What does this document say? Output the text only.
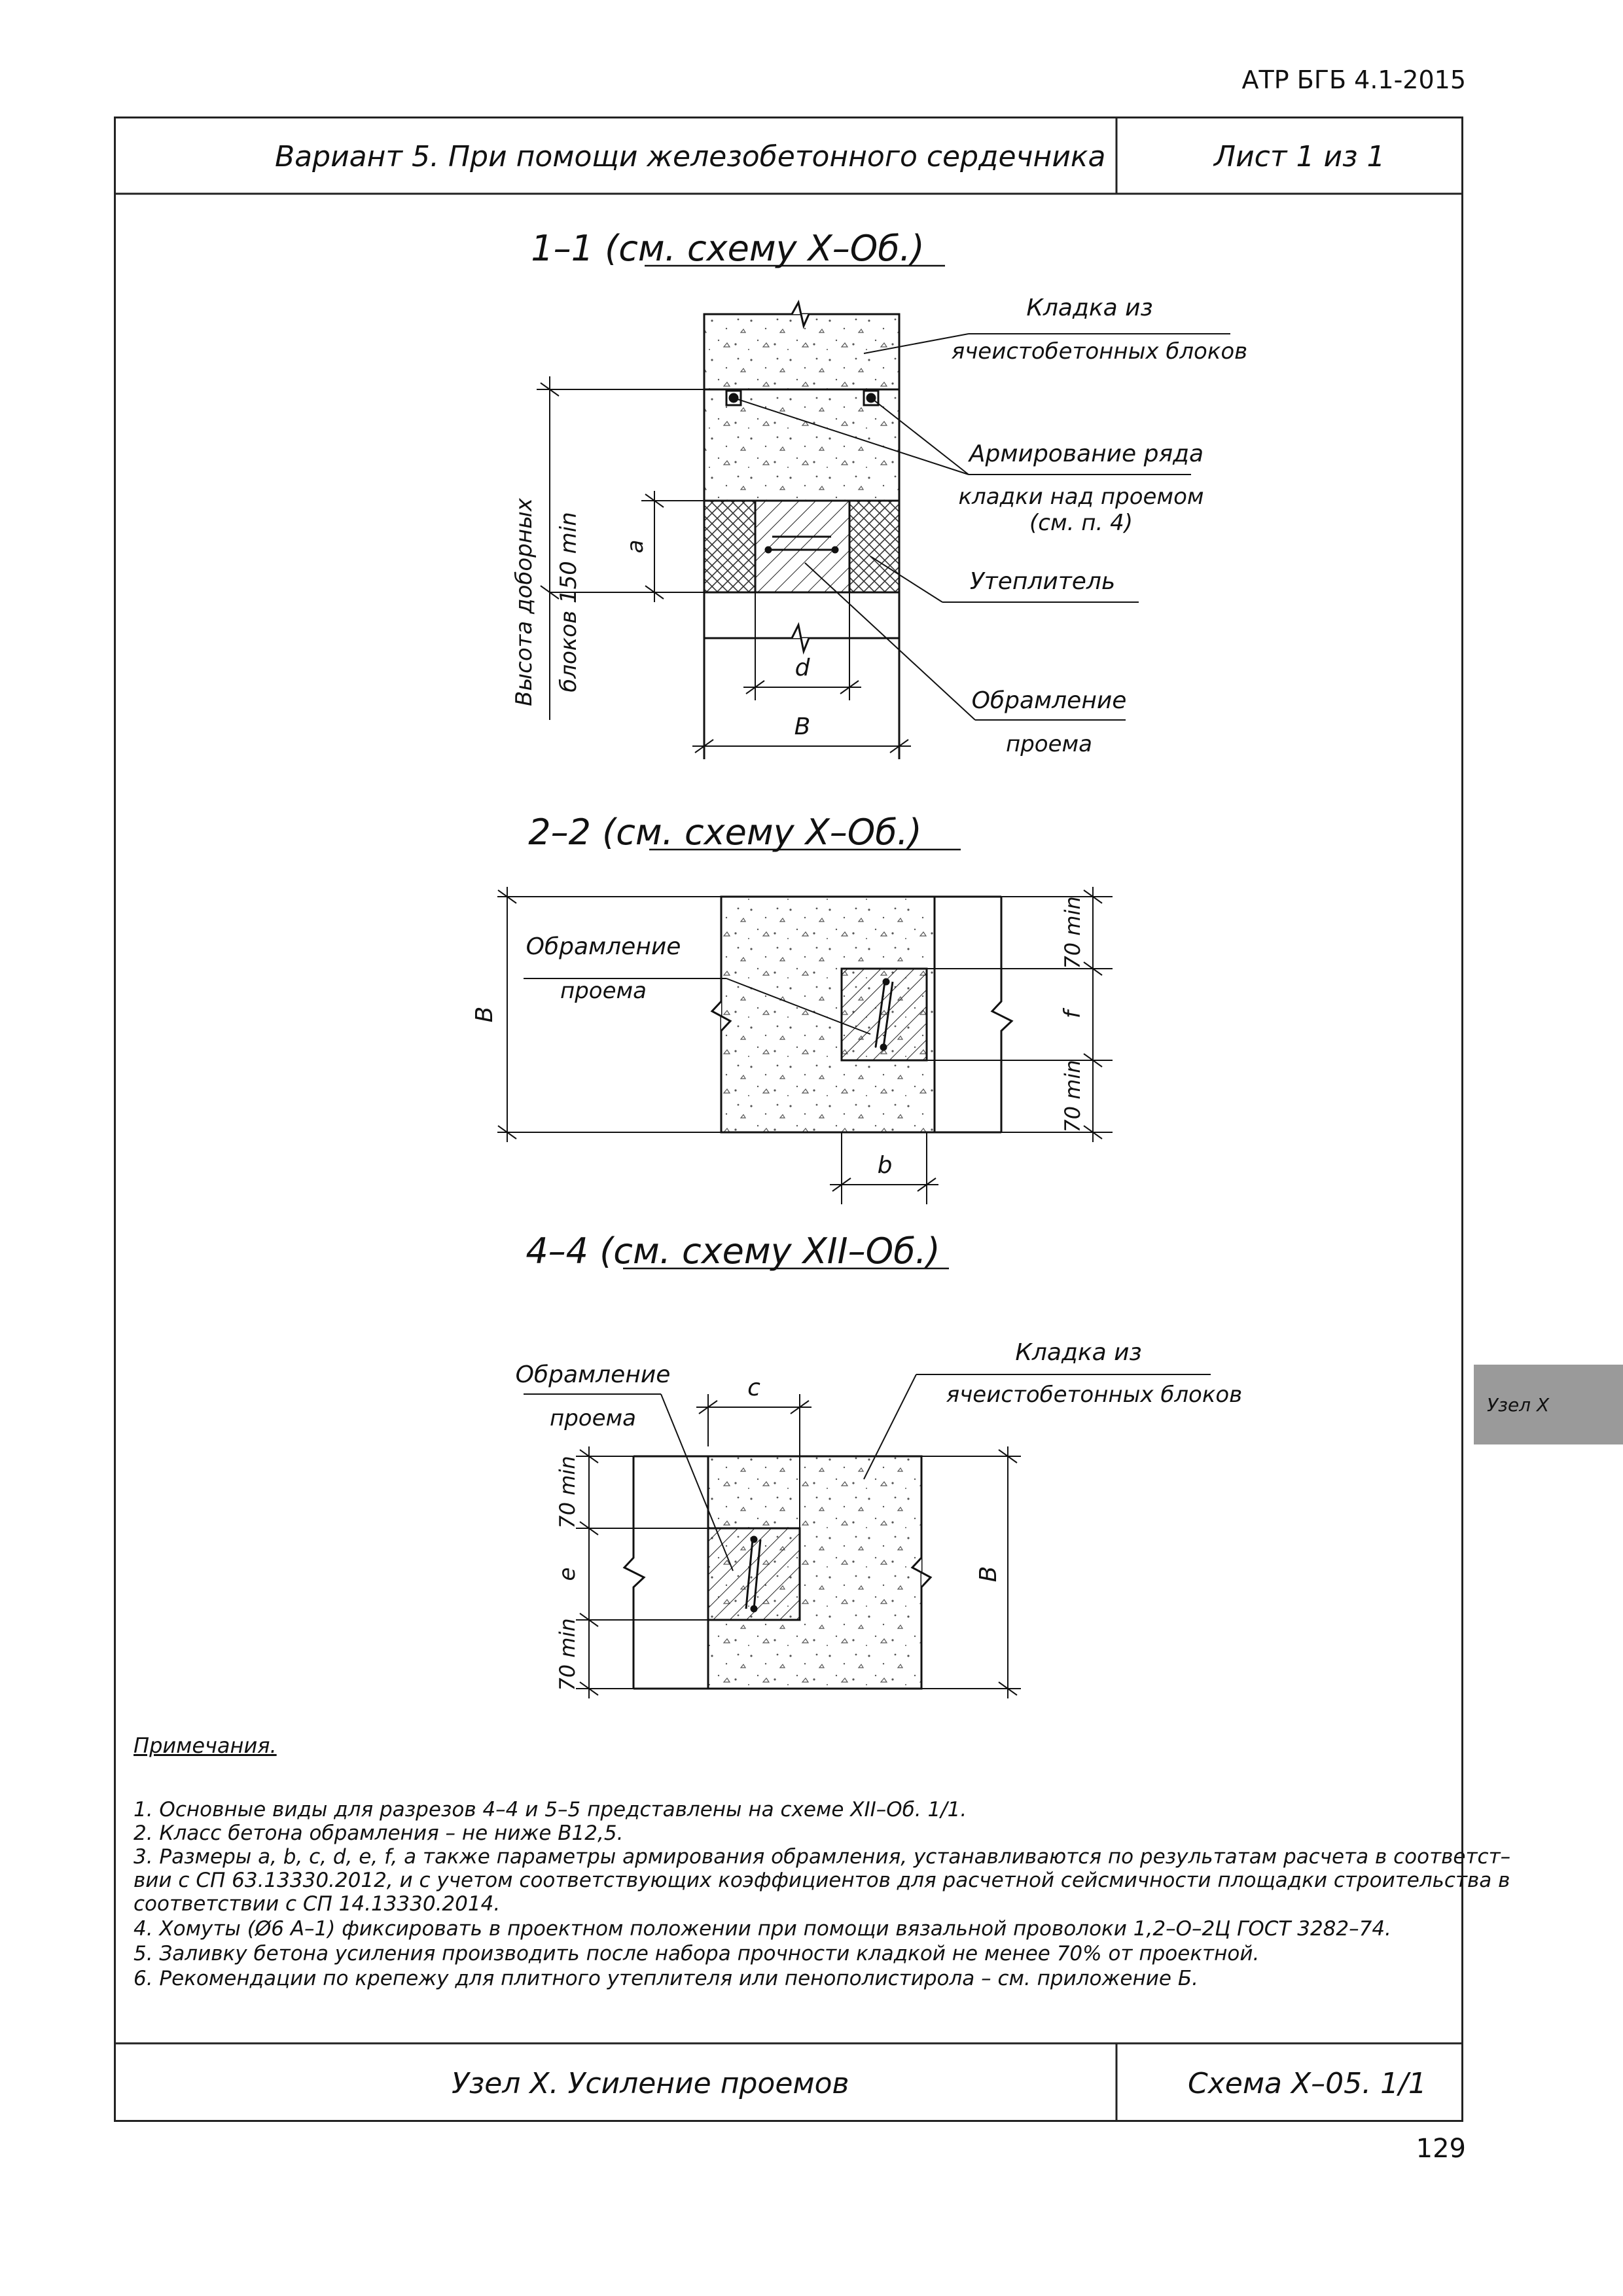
АТР БГБ 4.1-2015
1–1 (см. схему Х–Об.)
Кладка из
ячеистобетонных блоков
Армирование ряда
кладки над проемом
(см. п. 4)
Утеплитель
Обрамление
проема
Высота доборных блоков 150 min a
d
B
2–2 (см. схему Х–Об.)
Обрамление
проема
B
70 min
f
70 min
b
4–4 (см. схему XII–Об.)
Обрамление
проема
Кладка из
ячеистобетонных блоков
c
70 min
e
70 min
B
Вариант 5. При помощи железобетонного сердечника	Лист 1 из 1
Примечания.
1. Основные виды для разрезов 4–4 и 5–5 представлены на схеме XII–Об. 1/1.
2. Класс бетона обрамления – не ниже В12,5.
3. Размеры a, b, c, d, e, f, а также параметры армирования обрамления, устанавливаются по результатам расчета в соответст–
вии с СП 63.13330.2012, и с учетом соответствующих коэффициентов для расчетной сейсмичности площадки строительства в
соответствии с СП 14.13330.2014.
4. Хомуты (Ø6 А–1) фиксировать в проектном положении при помощи вязальной проволоки 1,2–О–2Ц ГОСТ 3282–74.
5. Заливку бетона усиления производить после набора прочности кладкой не менее 70% от проектной.
6. Рекомендации по крепежу для плитного утеплителя или пенополистирола – см. приложение Б.
Узел Х. Усиление проемов	Схема Х–05. 1/1
Узел Х
129
